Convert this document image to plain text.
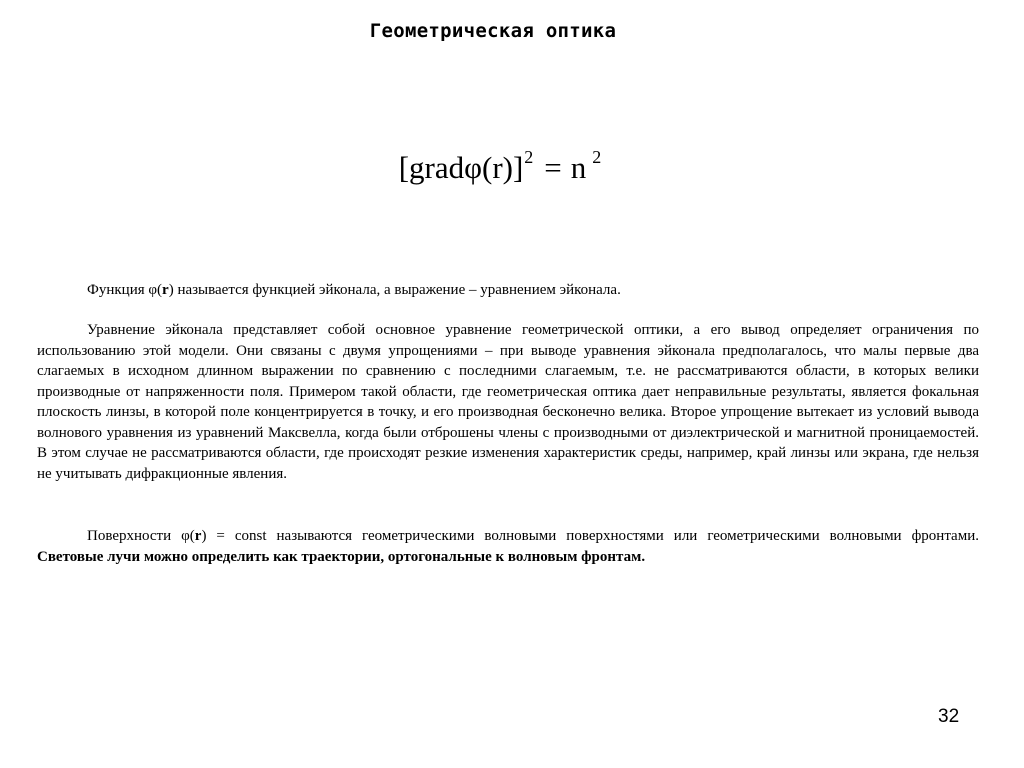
Геометрическая оптика
[gradφ(r)]$^2$ = n $^2$
Функция φ(r) называется функцией эйконала, а выражение – уравнением эйконала.
Уравнение эйконала представляет собой основное уравнение геометрической оптики, а его вывод определяет ограничения по использованию этой модели. Они связаны с двумя упрощениями – при выводе уравнения эйконала предполагалось, что малы первые два слагаемых в исходном длинном выражении по сравнению с последними слагаемым, т.е. не рассматриваются области, в которых велики производные от напряженности поля. Примером такой области, где геометрическая оптика дает неправильные результаты, является фокальная плоскость линзы, в которой поле концентрируется в точку, и его производная бесконечно велика. Второе упрощение вытекает из условий вывода волнового уравнения из уравнений Максвелла, когда были отброшены члены с производными от диэлектрической и магнитной проницаемостей. В этом случае не рассматриваются области, где происходят резкие изменения характеристик среды, например, край линзы или экрана, где нельзя не учитывать дифракционные явления.
Поверхности φ(r) = const называются геометрическими волновыми поверхностями или геометрическими волновыми фронтами. Световые лучи можно определить как траектории, ортогональные к волновым фронтам.
32
